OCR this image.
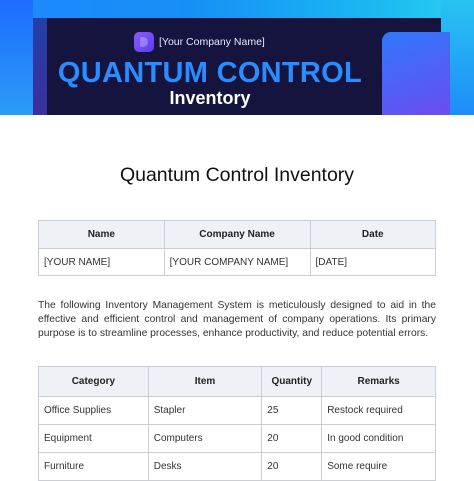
[Your Company Name]
QUANTUM CONTROL
Inventory
Quantum Control Inventory
Name	Company Name	Date
[YOUR NAME]	[YOUR COMPANY NAME]	[DATE]

The following Inventory Management System is meticulously designed to aid in the effective and efficient control and management of company operations. Its primary purpose is to streamline processes, enhance productivity, and reduce potential errors.

Category	Item	Quantity	Remarks
Office Supplies	Stapler	25	Restock required
Equipment	Computers	20	In good condition
Furniture	Desks	20	Some require
